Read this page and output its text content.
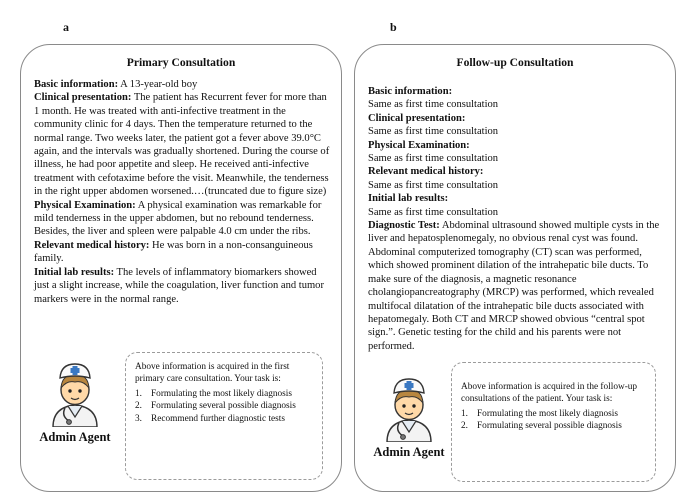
a	b
Primary Consultation

Basic information: A 13-year-old boy

Clinical presentation: The patient has Recurrent fever for more than 1 month. He was treated with anti-infective treatment in the community clinic for 4 days. Then the temperature returned to the normal range. Two weeks later, the patient got a fever above 39.0°C again, and the intervals was gradually shortened. During the course of illness, he had poor appetite and sleep. He received anti-infective treatment with cefotaxime before the visit. Meanwhile, the tenderness in the right upper abdomen worsened.…(truncated due to figure size)

Physical Examination: A physical examination was remarkable for mild tenderness in the upper abdomen, but no rebound tenderness. Besides, the liver and spleen were palpable 4.0 cm under the ribs.

Relevant medical history: He was born in a non-consanguineous family.

Initial lab results: The levels of inflammatory biomarkers showed just a slight increase, while the coagulation, liver function and tumor markers were in the normal range.

Admin Agent
Above information is acquired in the first primary care consultation. Your task is:
1. Formulating the most likely diagnosis
2. Formulating several possible diagnosis
3. Recommend further diagnostic tests
Follow-up Consultation

Basic information:

Same as first time consultation

Clinical presentation:

Same as first time consultation

Physical Examination:

Same as first time consultation

Relevant medical history:

Same as first time consultation

Initial lab results:

Same as first time consultation

Diagnostic Test: Abdominal ultrasound showed multiple cysts in the liver and hepatosplenomegaly, no obvious renal cyst was found. Abdominal computerized tomography (CT) scan was performed, which showed prominent dilation of the intrahepatic bile ducts. To make sure of the diagnosis, a magnetic resonance cholangiopancreatography (MRCP) was performed, which revealed multifocal dilatation of the intrahepatic bile ducts associated with hepatomegaly. Both CT and MRCP showed obvious “central spot sign.”. Genetic testing for the child and his parents were not performed.

Admin Agent
Above information is acquired in the follow-up consultations of the patient. Your task is:
1. Formulating the most likely diagnosis
2. Formulating several possible diagnosis
